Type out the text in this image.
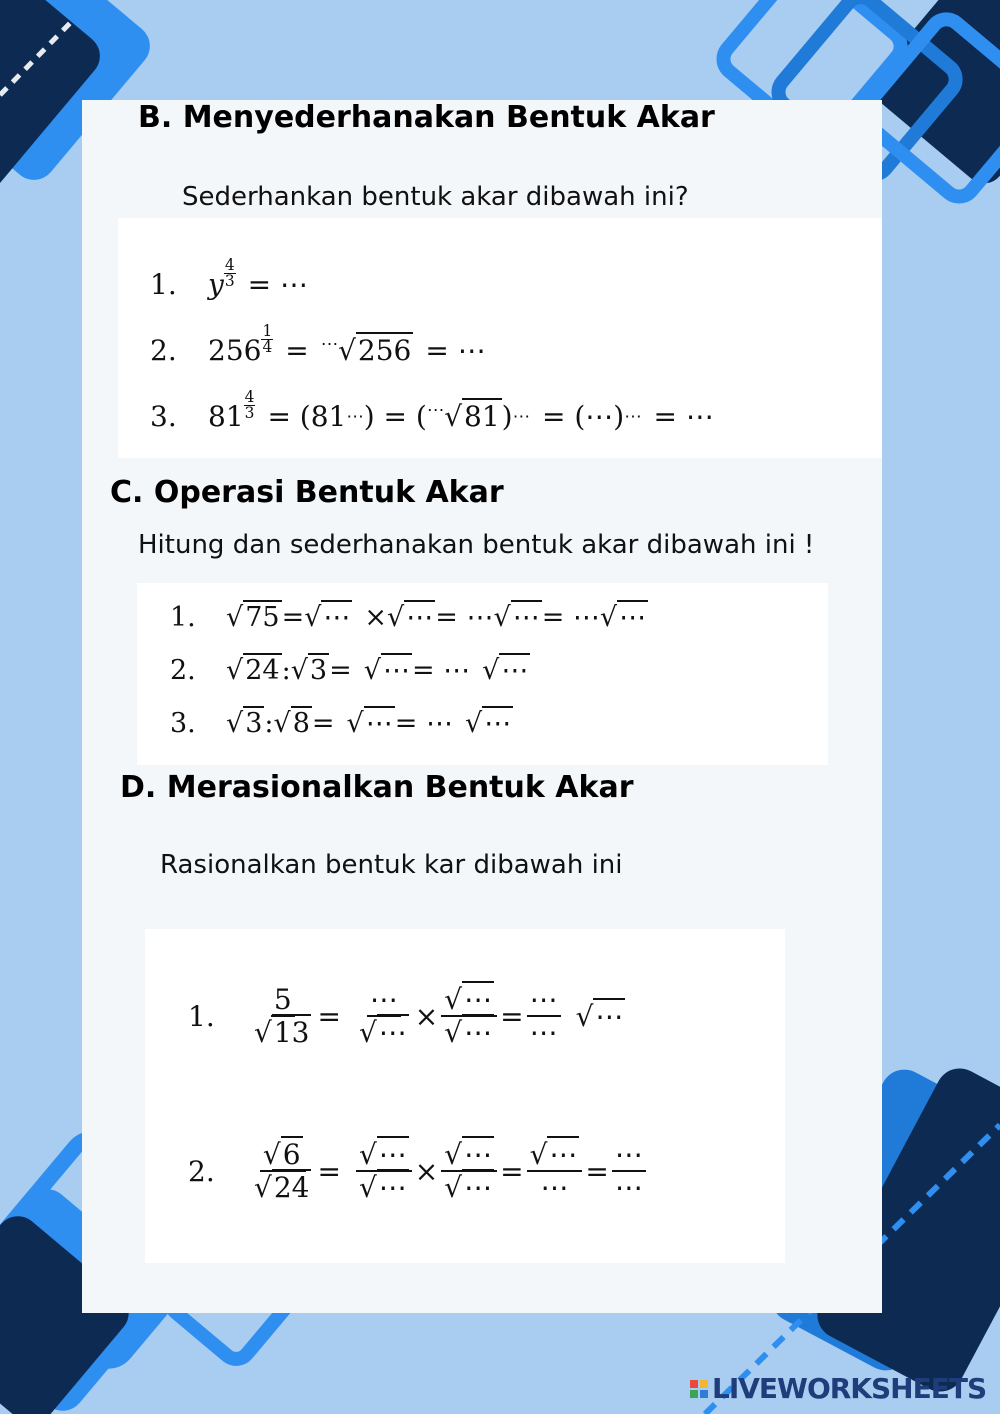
B. Menyederhanakan Bentuk Akar
Sederhankan bentuk akar dibawah ini?
1.	y $\frac{4}{3}$ = ⋯
2.	$256 \frac{1}{4} = ^\cdots√256$ = ⋯
3.	$81 \frac{4}{3} = (81$ ⋯ ) = ( ⋯√81 ) ⋯ = (⋯) ⋯ = ⋯
C. Operasi Bentuk Akar
Hitung dan sederhanakan bentuk akar dibawah ini !
1.	√75 = √⋯ × √⋯ = ⋯ √⋯ = ⋯ √⋯
2.	√24 : √3 = √⋯ = ⋯ √⋯
3.	√3 : √8 = √⋯ = ⋯ √⋯
D. Merasionalkan Bentuk Akar
Rasionalkan bentuk kar dibawah ini
1.	$\frac{5}{√13} = \frac{\cdots}{√\cdots} \times \frac{√\cdots}{√\cdots} = \frac{\cdots}{\cdots}$ √⋯
2.	$\frac{√6}{√24} = \frac{√\cdots}{√\cdots} \times \frac{√\cdots}{√\cdots} = \frac{√\cdots}{\cdots} = \frac{\cdots}{\cdots}$
LIVEWORKSHEETS
